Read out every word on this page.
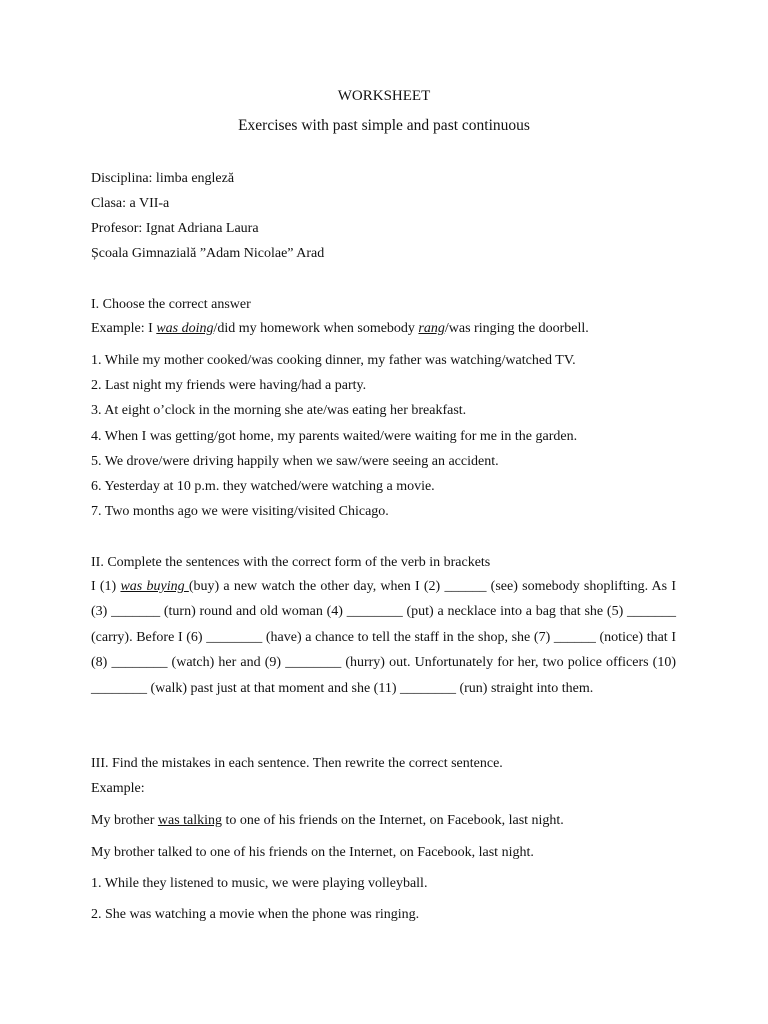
WORKSHEET
Exercises with past simple and past continuous
Disciplina: limba engleză
Clasa: a VII-a
Profesor: Ignat Adriana Laura
Școala Gimnazială ”Adam Nicolae” Arad
I. Choose the correct answer
Example: I was doing/did my homework when somebody rang/was ringing the doorbell.
1. While my mother cooked/was cooking dinner, my father was watching/watched TV.
2. Last night my friends were having/had a party.
3. At eight o’clock in the morning she ate/was eating her breakfast.
4. When I was getting/got home, my parents waited/were waiting for me in the garden.
5. We drove/were driving happily when we saw/were seeing an accident.
6. Yesterday at 10 p.m. they watched/were watching a movie.
7. Two months ago we were visiting/visited Chicago.
II. Complete the sentences with the correct form of the verb in brackets
I (1) was buying (buy) a new watch the other day, when I (2) ______ (see) somebody shoplifting. As I (3) _______ (turn) round and old woman (4) ________ (put) a necklace into a bag that she (5) _______ (carry). Before I (6) ________ (have) a chance to tell the staff in the shop, she (7) ______ (notice) that I (8) ________ (watch) her and (9) ________ (hurry) out. Unfortunately for her, two police officers (10) ________ (walk) past just at that moment and she (11) ________ (run) straight into them.
III. Find the mistakes in each sentence. Then rewrite the correct sentence.
Example:
My brother was talking to one of his friends on the Internet, on Facebook, last night.
My brother talked to one of his friends on the Internet, on Facebook, last night.
1. While they listened to music, we were playing volleyball.
2. She was watching a movie when the phone was ringing.
